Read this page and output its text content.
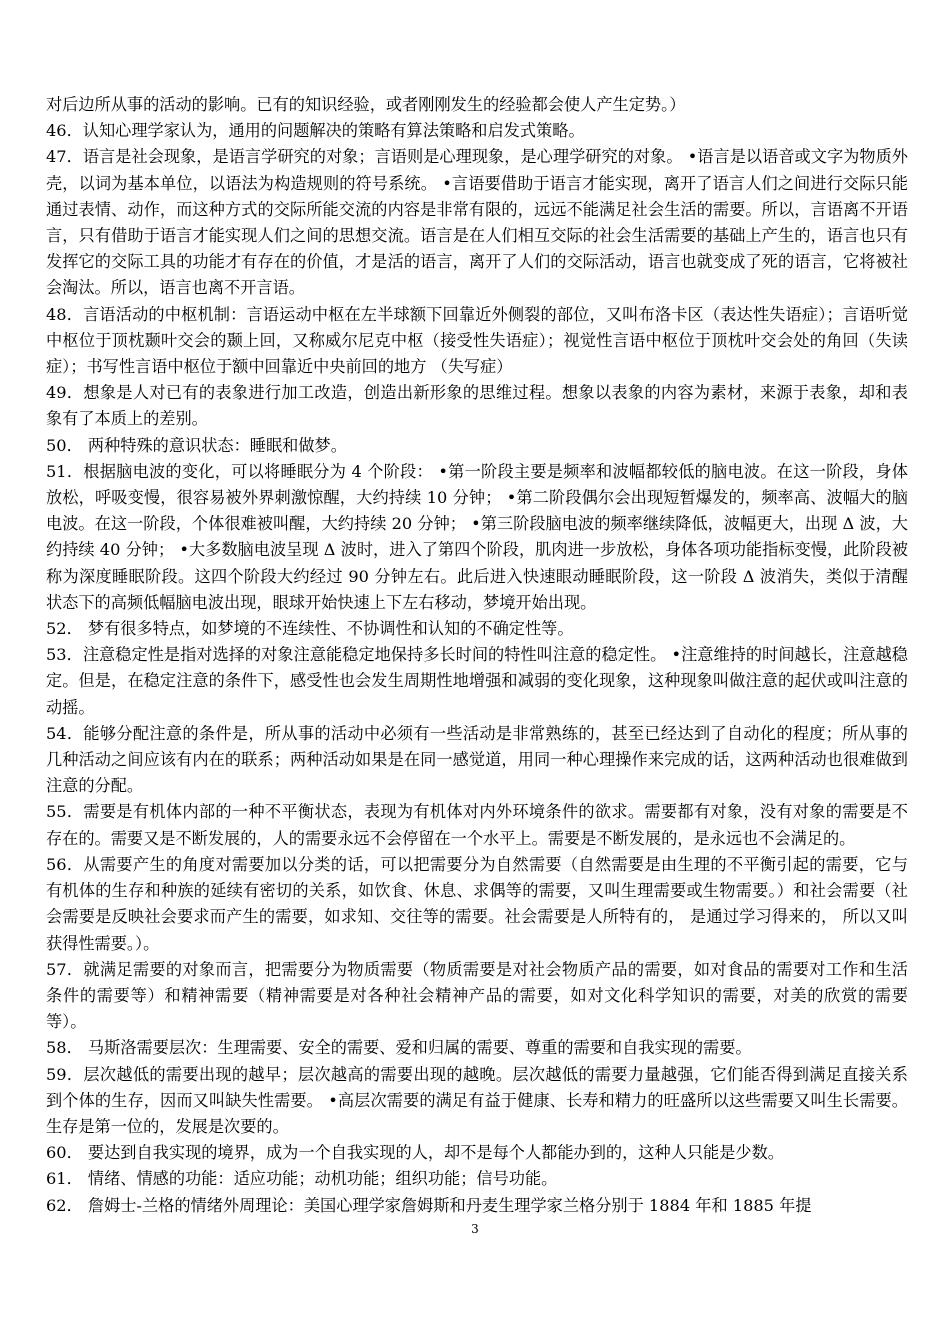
对后边所从事的活动的影响。已有的知识经验，或者刚刚发生的经验都会使人产生定势。）

46．认知心理学家认为，通用的问题解决的策略有算法策略和启发式策略。

47．语言是社会现象，是语言学研究的对象；言语则是心理现象，是心理学研究的对象。 •语言是以语音或文字为物质外壳，以词为基本单位，以语法为构造规则的符号系统。 •言语要借助于语言才能实现，离开了语言人们之间进行交际只能通过表情、动作，而这种方式的交际所能交流的内容是非常有限的，远远不能满足社会生活的需要。所以，言语离不开语言，只有借助于语言才能实现人们之间的思想交流。语言是在人们相互交际的社会生活需要的基础上产生的，语言也只有发挥它的交际工具的功能才有存在的价值，才是活的语言，离开了人们的交际活动，语言也就变成了死的语言，它将被社会淘汰。所以，语言也离不开言语。

48．言语活动的中枢机制：言语运动中枢在左半球额下回靠近外侧裂的部位，又叫布洛卡区（表达性失语症）；言语听觉中枢位于顶枕颞叶交会的颞上回，又称威尔尼克中枢（接受性失语症）；视觉性言语中枢位于顶枕叶交会处的角回（失读症）；书写性言语中枢位于额中回靠近中央前回的地方 （失写症）

49．想象是人对已有的表象进行加工改造，创造出新形象的思维过程。想象以表象的内容为素材，来源于表象，却和表象有了本质上的差别。

50． 两种特殊的意识状态：睡眠和做梦。

51．根据脑电波的变化，可以将睡眠分为 4 个阶段： •第一阶段主要是频率和波幅都较低的脑电波。在这一阶段，身体放松，呼吸变慢，很容易被外界刺激惊醒，大约持续 10 分钟； •第二阶段偶尔会出现短暂爆发的，频率高、波幅大的脑电波。在这一阶段，个体很难被叫醒，大约持续 20 分钟； •第三阶段脑电波的频率继续降低，波幅更大，出现 Δ 波，大约持续 40 分钟； •大多数脑电波呈现 Δ 波时，进入了第四个阶段，肌肉进一步放松，身体各项功能指标变慢，此阶段被称为深度睡眠阶段。这四个阶段大约经过 90 分钟左右。此后进入快速眼动睡眠阶段，这一阶段 Δ 波消失，类似于清醒状态下的高频低幅脑电波出现，眼球开始快速上下左右移动，梦境开始出现。

52． 梦有很多特点，如梦境的不连续性、不协调性和认知的不确定性等。

53．注意稳定性是指对选择的对象注意能稳定地保持多长时间的特性叫注意的稳定性。 •注意维持的时间越长，注意越稳定。但是，在稳定注意的条件下，感受性也会发生周期性地增强和减弱的变化现象，这种现象叫做注意的起伏或叫注意的动摇。

54．能够分配注意的条件是，所从事的活动中必须有一些活动是非常熟练的，甚至已经达到了自动化的程度；所从事的几种活动之间应该有内在的联系；两种活动如果是在同一感觉道，用同一种心理操作来完成的话，这两种活动也很难做到注意的分配。

55．需要是有机体内部的一种不平衡状态，表现为有机体对内外环境条件的欲求。需要都有对象，没有对象的需要是不存在的。需要又是不断发展的，人的需要永远不会停留在一个水平上。需要是不断发展的，是永远也不会满足的。

56．从需要产生的角度对需要加以分类的话，可以把需要分为自然需要（自然需要是由生理的不平衡引起的需要，它与有机体的生存和种族的延续有密切的关系，如饮食、休息、求偶等的需要，又叫生理需要或生物需要。）和社会需要（社会需要是反映社会要求而产生的需要，如求知、交往等的需要。社会需要是人所特有的， 是通过学习得来的， 所以又叫获得性需要。）。

57．就满足需要的对象而言，把需要分为物质需要（物质需要是对社会物质产品的需要，如对食品的需要对工作和生活条件的需要等）和精神需要（精神需要是对各种社会精神产品的需要，如对文化科学知识的需要，对美的欣赏的需要等）。

58． 马斯洛需要层次：生理需要、安全的需要、爱和归属的需要、尊重的需要和自我实现的需要。

59．层次越低的需要出现的越早；层次越高的需要出现的越晚。层次越低的需要力量越强，它们能否得到满足直接关系到个体的生存，因而又叫缺失性需要。 •高层次需要的满足有益于健康、长寿和精力的旺盛所以这些需要又叫生长需要。生存是第一位的，发展是次要的。

60． 要达到自我实现的境界，成为一个自我实现的人，却不是每个人都能办到的，这种人只能是少数。

61． 情绪、情感的功能：适应功能；动机功能；组织功能；信号功能。

62． 詹姆士-兰格的情绪外周理论：美国心理学家詹姆斯和丹麦生理学家兰格分别于 1884 年和 1885 年提

3
